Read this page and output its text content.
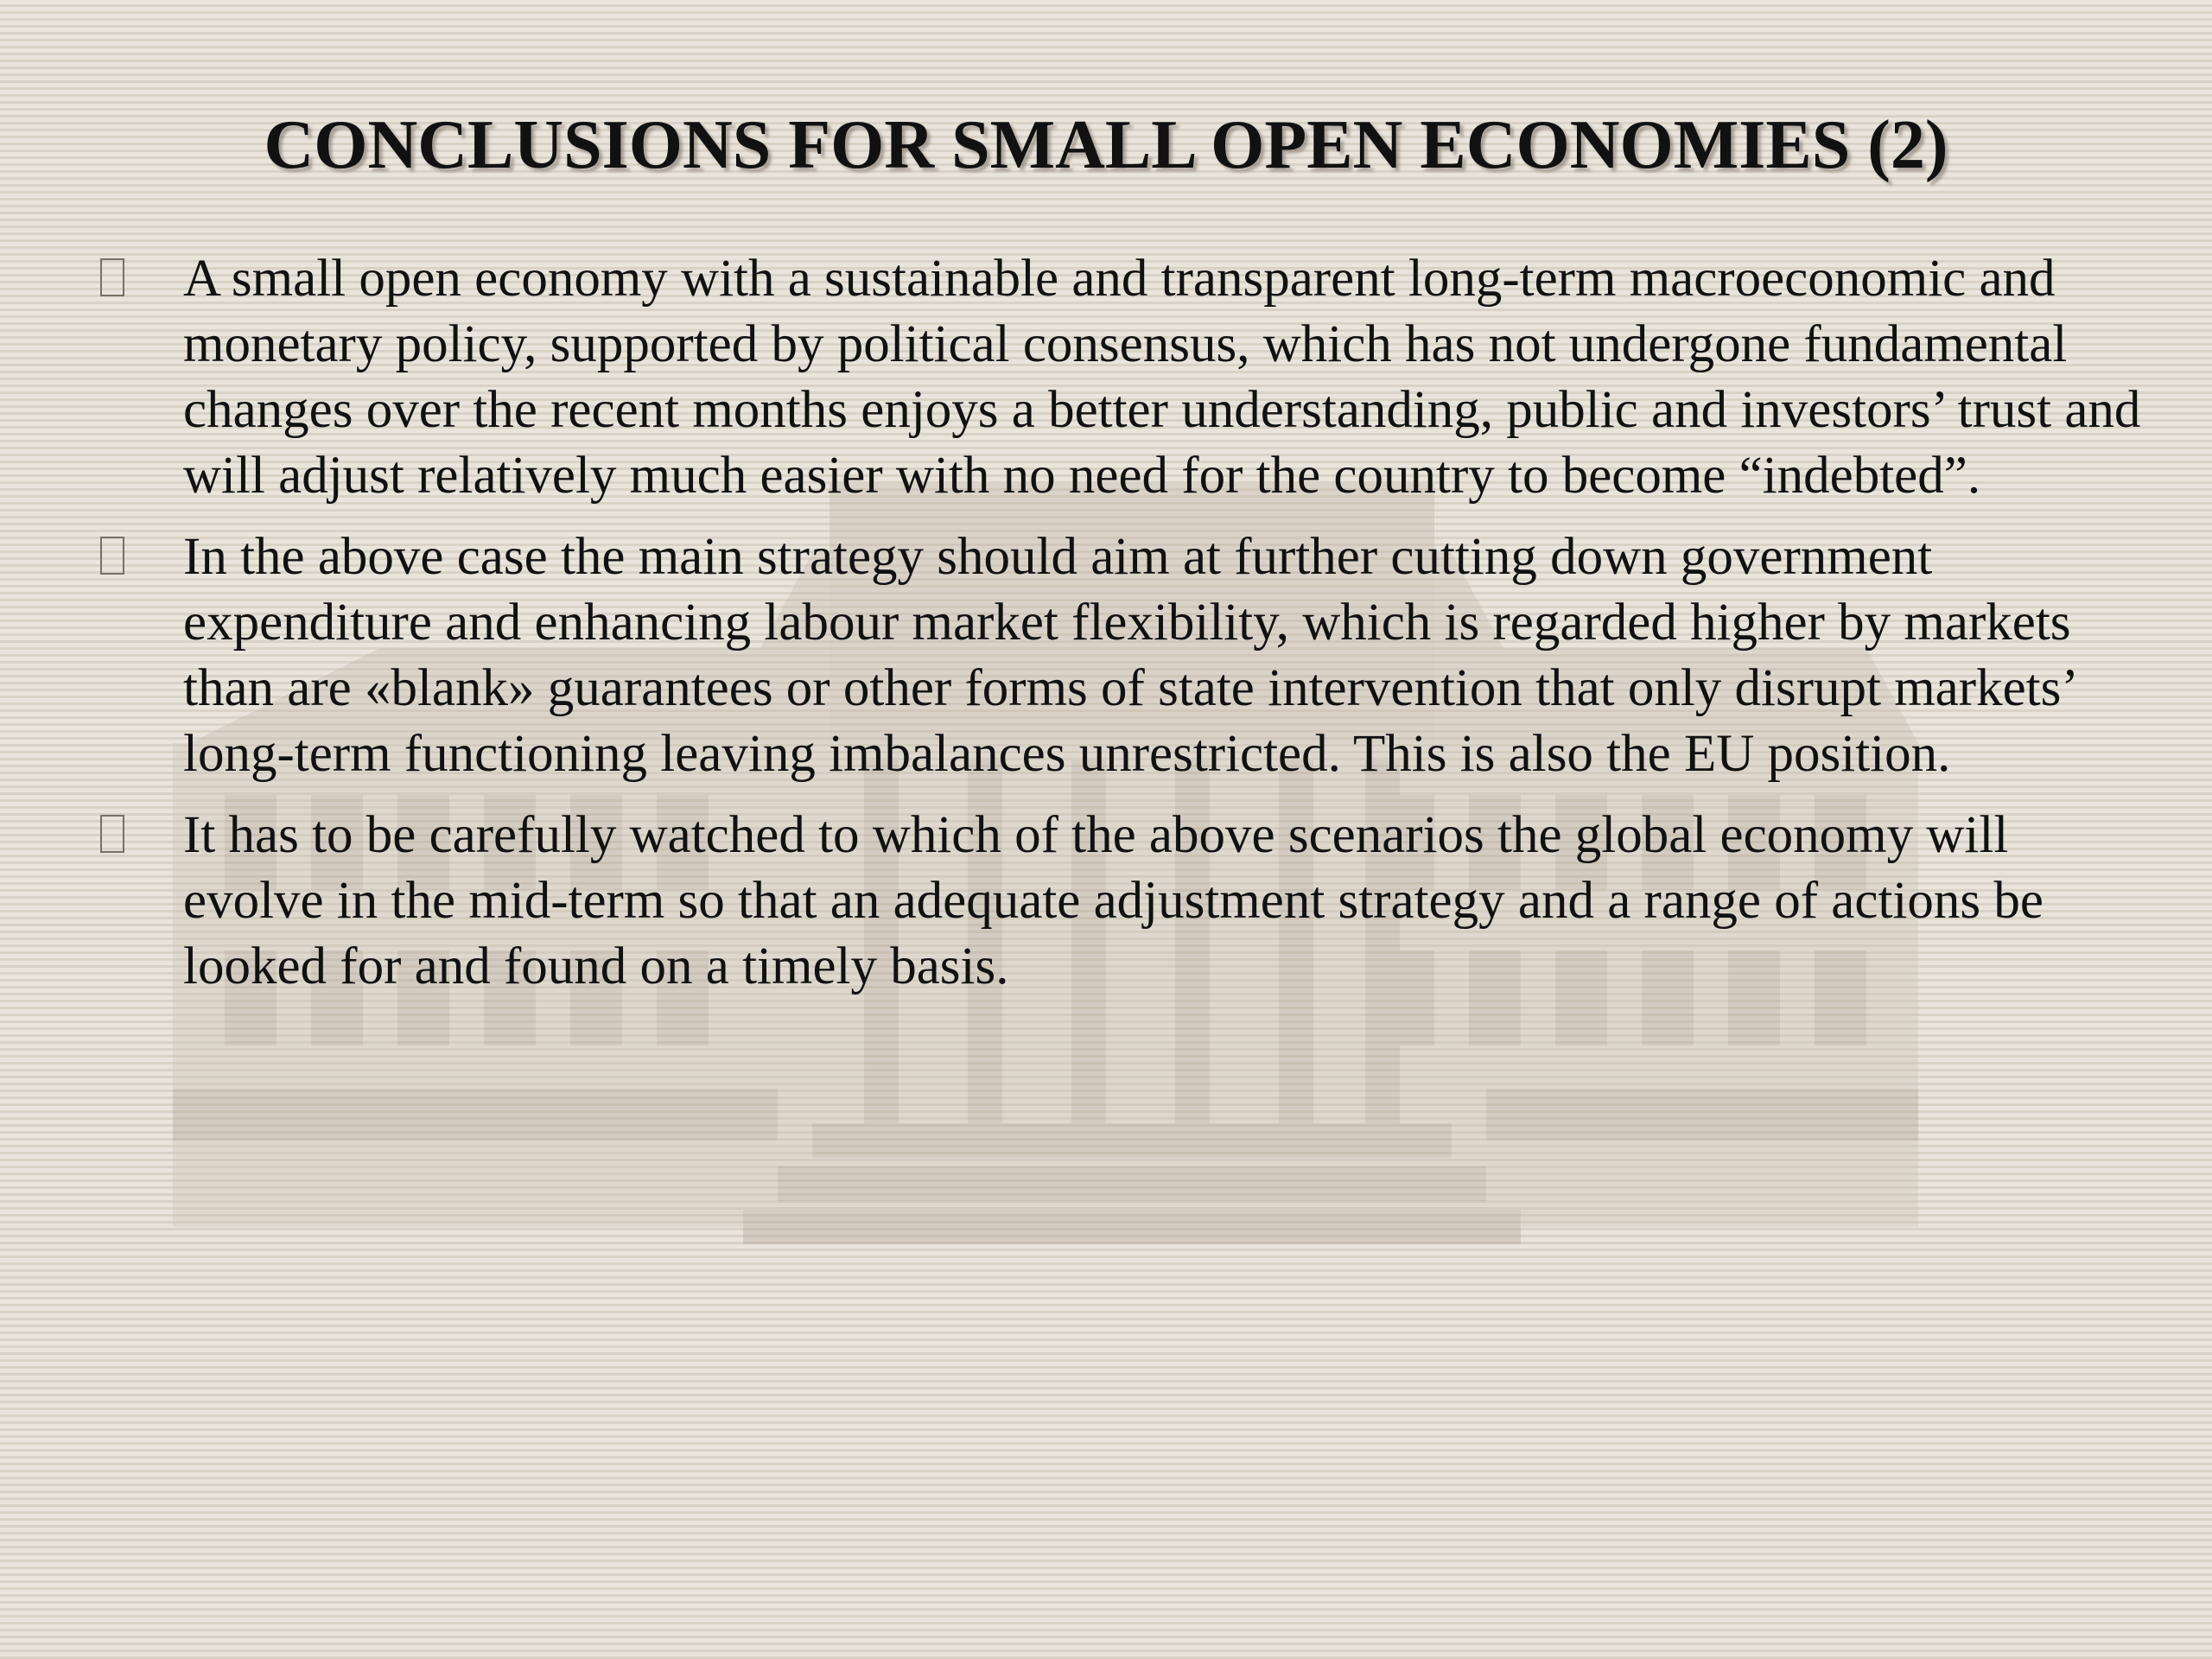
CONCLUSIONS FOR SMALL OPEN ECONOMIES (2)
A small open economy with a sustainable and transparent long-term macroeconomic and monetary policy, supported by political consensus, which has not undergone fundamental changes over the recent months enjoys a better understanding, public and investors’ trust and will adjust relatively much easier with no need for the country to become “indebted”.
In the above case the main strategy should aim at further cutting down government expenditure and enhancing labour market flexibility, which is regarded higher by markets than are «blank» guarantees or other forms of state intervention that only disrupt markets’ long-term functioning leaving imbalances unrestricted. This is also the EU position.
It has to be carefully watched to which of the above scenarios the global economy will evolve in the mid-term so that an adequate adjustment strategy and a range of actions be looked for and found on a timely basis.
